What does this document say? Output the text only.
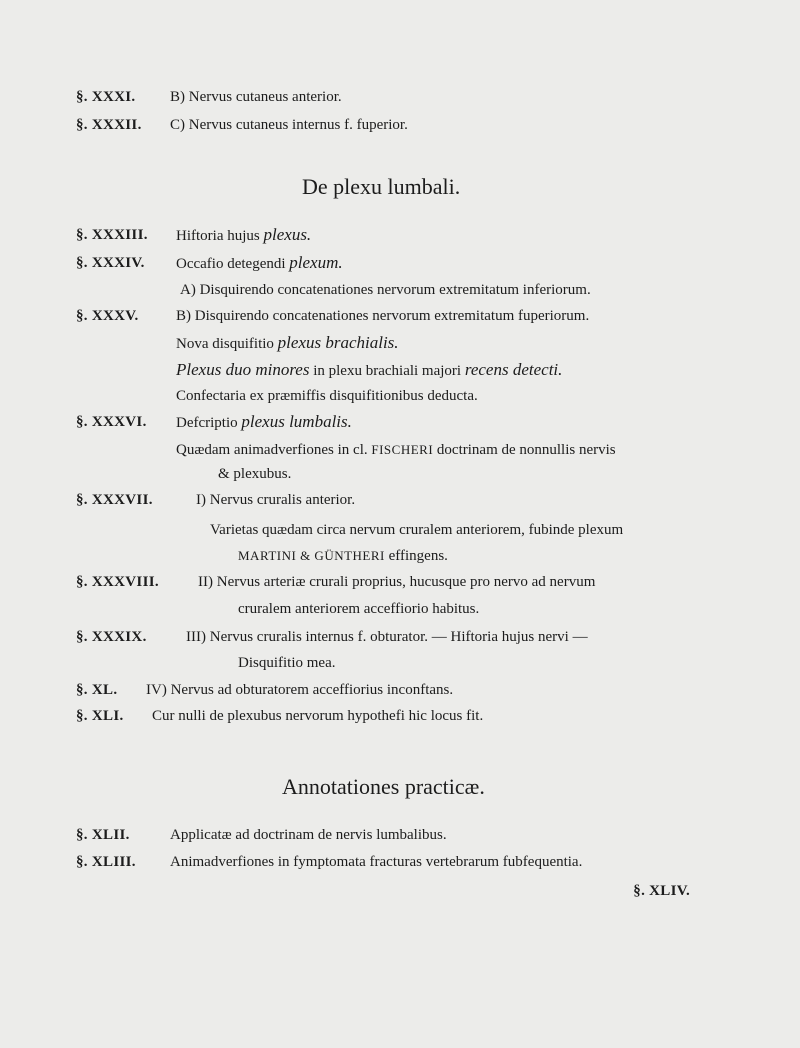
§. XXXI. B) Nervus cutaneus anterior.
§. XXXII. C) Nervus cutaneus internus f. fuperior.
De plexu lumbali.
§. XXXIII. Hiftoria hujus plexus.
§. XXXIV. Occafio detegendi plexum.
A) Disquirendo concatenationes nervorum extremitatum inferiorum.
§. XXXV. B) Disquirendo concatenationes nervorum extremitatum fuperiorum.
Nova disquifitio plexus brachialis.
Plexus duo minores in plexu brachiali majori recens detecti.
Confectaria ex præmiffis disquifitionibus deducta.
§. XXXVI. Defcriptio plexus lumbalis.
Quædam animadverfiones in cl. FISCHERI doctrinam de nonnullis nervis
& plexubus.
§. XXXVII.	I) Nervus cruralis anterior.
Varietas quædam circa nervum cruralem anteriorem, fubinde plexum
MARTINI & GÜNTHERI effingens.
§. XXXVIII.	II) Nervus arteriæ crurali proprius, hucusque pro nervo ad nervum
cruralem anteriorem acceffiorio habitus.
§. XXXIX.	III) Nervus cruralis internus f. obturator. — Hiftoria hujus nervi —
Disquifitio mea.
§. XL. IV) Nervus ad obturatorem acceffiorius inconftans.
§. XLI. Cur nulli de plexubus nervorum hypothefi hic locus fit.
Annotationes practicæ.
§. XLII.	Applicatæ ad doctrinam de nervis lumbalibus.
§. XLIII. Animadverfiones in fymptomata fracturas vertebrarum fubfequentia.
§. XLIV.
